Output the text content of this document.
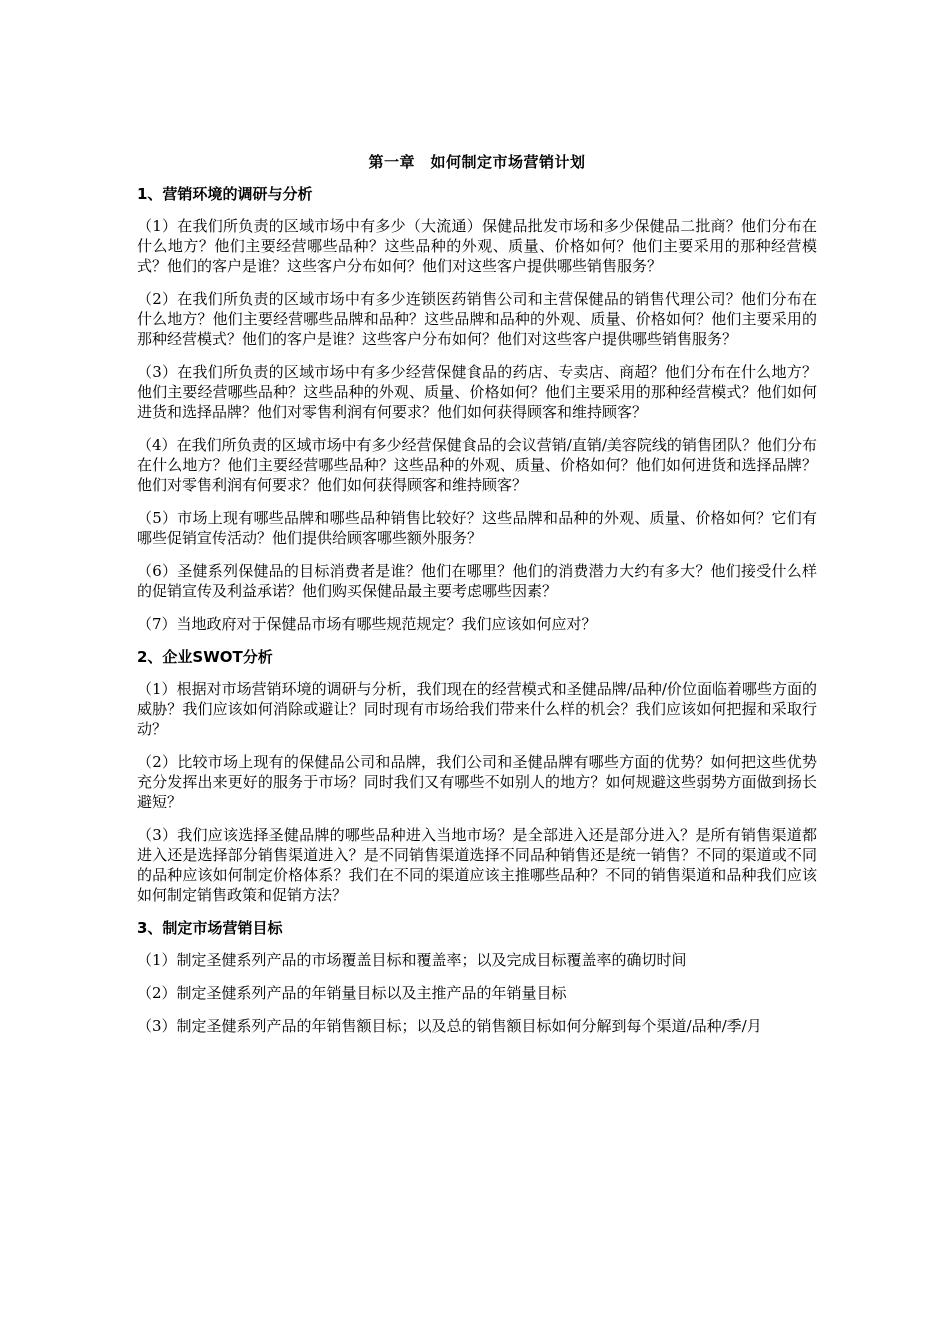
第一章　如何制定市场营销计划
1、营销环境的调研与分析

（1）在我们所负责的区域市场中有多少（大流通）保健品批发市场和多少保健品二批商？他们分布在什么地方？他们主要经营哪些品种？这些品种的外观、质量、价格如何？他们主要采用的那种经营模式？他们的客户是谁？这些客户分布如何？他们对这些客户提供哪些销售服务？

（2）在我们所负责的区域市场中有多少连锁医药销售公司和主营保健品的销售代理公司？他们分布在什么地方？他们主要经营哪些品牌和品种？这些品牌和品种的外观、质量、价格如何？他们主要采用的那种经营模式？他们的客户是谁？这些客户分布如何？他们对这些客户提供哪些销售服务？

（3）在我们所负责的区域市场中有多少经营保健食品的药店、专卖店、商超？他们分布在什么地方？他们主要经营哪些品种？这些品种的外观、质量、价格如何？他们主要采用的那种经营模式？他们如何进货和选择品牌？他们对零售利润有何要求？他们如何获得顾客和维持顾客？

（4）在我们所负责的区域市场中有多少经营保健食品的会议营销/直销/美容院线的销售团队？他们分布在什么地方？他们主要经营哪些品种？这些品种的外观、质量、价格如何？他们如何进货和选择品牌？他们对零售利润有何要求？他们如何获得顾客和维持顾客？

（5）市场上现有哪些品牌和哪些品种销售比较好？这些品牌和品种的外观、质量、价格如何？它们有哪些促销宣传活动？他们提供给顾客哪些额外服务？

（6）圣健系列保健品的目标消费者是谁？他们在哪里？他们的消费潜力大约有多大？他们接受什么样的促销宣传及利益承诺？他们购买保健品最主要考虑哪些因素？

（7）当地政府对于保健品市场有哪些规范规定？我们应该如何应对？

2、企业SWOT分析

（1）根据对市场营销环境的调研与分析，我们现在的经营模式和圣健品牌/品种/价位面临着哪些方面的威胁？我们应该如何消除或避让？同时现有市场给我们带来什么样的机会？我们应该如何把握和采取行动？

（2）比较市场上现有的保健品公司和品牌，我们公司和圣健品牌有哪些方面的优势？如何把这些优势充分发挥出来更好的服务于市场？同时我们又有哪些不如别人的地方？如何规避这些弱势方面做到扬长避短？

（3）我们应该选择圣健品牌的哪些品种进入当地市场？是全部进入还是部分进入？是所有销售渠道都进入还是选择部分销售渠道进入？是不同销售渠道选择不同品种销售还是统一销售？不同的渠道或不同的品种应该如何制定价格体系？我们在不同的渠道应该主推哪些品种？不同的销售渠道和品种我们应该如何制定销售政策和促销方法？

3、制定市场营销目标

（1）制定圣健系列产品的市场覆盖目标和覆盖率；以及完成目标覆盖率的确切时间

（2）制定圣健系列产品的年销量目标以及主推产品的年销量目标

（3）制定圣健系列产品的年销售额目标；以及总的销售额目标如何分解到每个渠道/品种/季/月
